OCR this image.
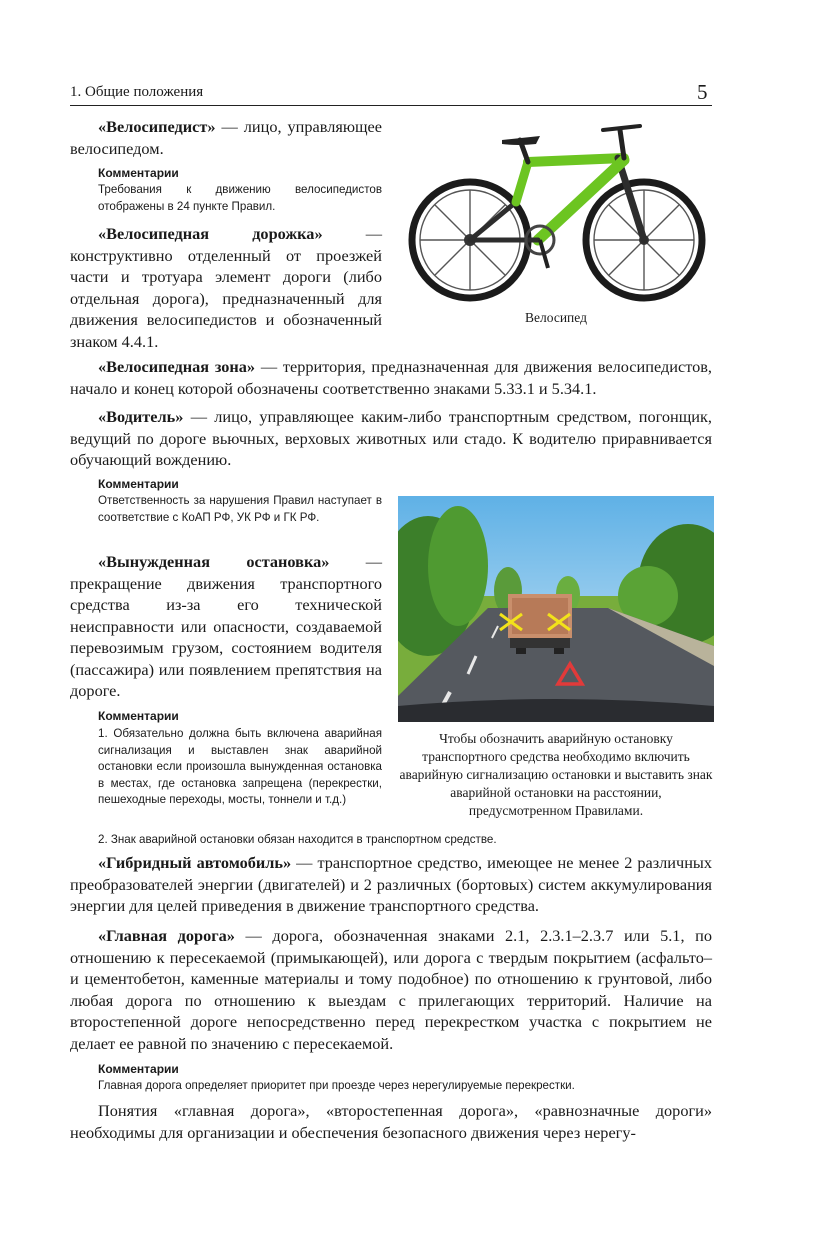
1. Общие положения	5
«Велосипедист» — лицо, управляющее велосипедом.
Комментарии
Требования к движению велосипедистов отображены в 24 пункте Правил.
«Велосипедная дорожка» — конструктивно отделенный от проезжей части и тротуара элемент дороги (либо отдельная дорога), предназначенный для движения велосипедистов и обозначенный знаком 4.4.1.
Велосипед
«Велосипедная зона» — территория, предназначенная для движения велосипедистов, начало и конец которой обозначены соответственно знаками 5.33.1 и 5.34.1.
«Водитель» — лицо, управляющее каким-либо транспортным средством, погонщик, ведущий по дороге вьючных, верховых животных или стадо. К водителю приравнивается обучающий вождению.
Комментарии
Ответственность за нарушения Правил наступает в соответствие с КоАП РФ, УК РФ и ГК РФ.
«Вынужденная остановка» — прекращение движения транспортного средства из-за его технической неисправности или опасности, создаваемой перевозимым грузом, состоянием водителя (пассажира) или появлением препятствия на дороге.
Комментарии
1. Обязательно должна быть включена аварийная сигнализация и выставлен знак аварийной остановки если произошла вынужденная остановка в местах, где остановка запрещена (перекрестки, пешеходные переходы, мосты, тоннели и т.д.)
2. Знак аварийной остановки обязан находится в транспортном средстве.
Чтобы обозначить аварийную остановку транспортного средства необходимо включить аварийную сигнализацию остановки и выставить знак аварийной остановки на расстоянии, предусмотренном Правилами.
«Гибридный автомобиль» — транспортное средство, имеющее не менее 2 различных преобразователей энергии (двигателей) и 2 различных (бортовых) систем аккумулирования энергии для целей приведения в движение транспортного средства.
«Главная дорога» — дорога, обозначенная знаками 2.1, 2.3.1–2.3.7 или 5.1, по отношению к пересекаемой (примыкающей), или дорога с твердым покрытием (асфальто– и цементобетон, каменные материалы и тому подобное) по отношению к грунтовой, либо любая дорога по отношению к выездам с прилегающих территорий. Наличие на второстепенной дороге непосредственно перед перекрестком участка с покрытием не делает ее равной по значению с пересекаемой.
Комментарии
Главная дорога определяет приоритет при проезде через нерегулируемые перекрестки.
Понятия «главная дорога», «второстепенная дорога», «равнозначные дороги» необходимы для организации и обеспечения безопасного движения через нерегу-
